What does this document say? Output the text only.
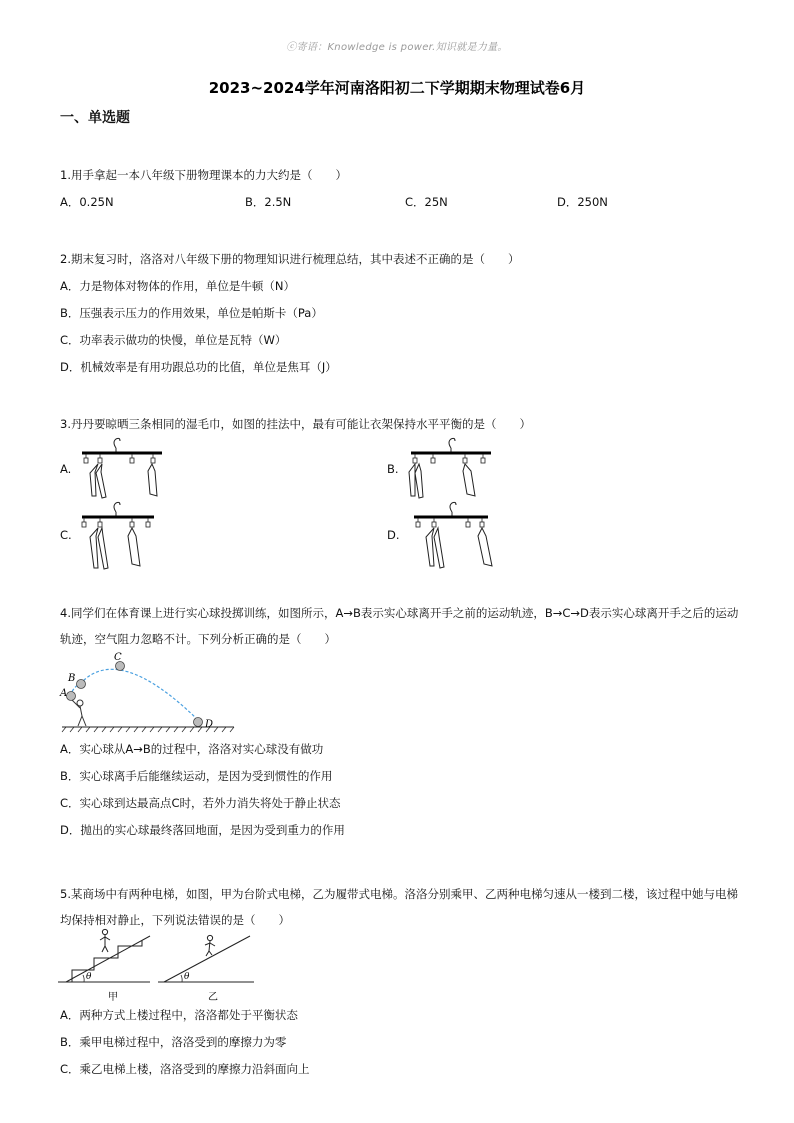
ⓒ寄语：Knowledge is power.知识就是力量。
2023~2024学年河南洛阳初二下学期期末物理试卷6月
一、单选题
1.用手拿起一本八年级下册物理课本的力大约是（　　）
A．0.25N	B．2.5N	C．25N	D．250N
2.期末复习时，洛洛对八年级下册的物理知识进行梳理总结，其中表述不正确的是（　　）
A．力是物体对物体的作用，单位是牛顿（N）
B．压强表示压力的作用效果，单位是帕斯卡（Pa）
C．功率表示做功的快慢，单位是瓦特（W）
D．机械效率是有用功跟总功的比值，单位是焦耳（J）
3.丹丹要晾晒三条相同的湿毛巾，如图的挂法中，最有可能让衣架保持水平平衡的是（　　）
A.	B.
C.	D.
4.同学们在体育课上进行实心球投掷训练，如图所示，A→B表示实心球离开手之前的运动轨迹，B→C→D表示实心球离开手之后的运动轨迹，空气阻力忽略不计。下列分析正确的是（　　）
A
B
C
D
A．实心球从A→B的过程中，洛洛对实心球没有做功
B．实心球离手后能继续运动，是因为受到惯性的作用
C．实心球到达最高点C时，若外力消失将处于静止状态
D．抛出的实心球最终落回地面，是因为受到重力的作用
5.某商场中有两种电梯，如图，甲为台阶式电梯，乙为履带式电梯。洛洛分别乘甲、乙两种电梯匀速从一楼到二楼，该过程中她与电梯均保持相对静止，下列说法错误的是（　　）
θ	θ
甲	乙
A．两种方式上楼过程中，洛洛都处于平衡状态
B．乘甲电梯过程中，洛洛受到的摩擦力为零
C．乘乙电梯上楼，洛洛受到的摩擦力沿斜面向上
